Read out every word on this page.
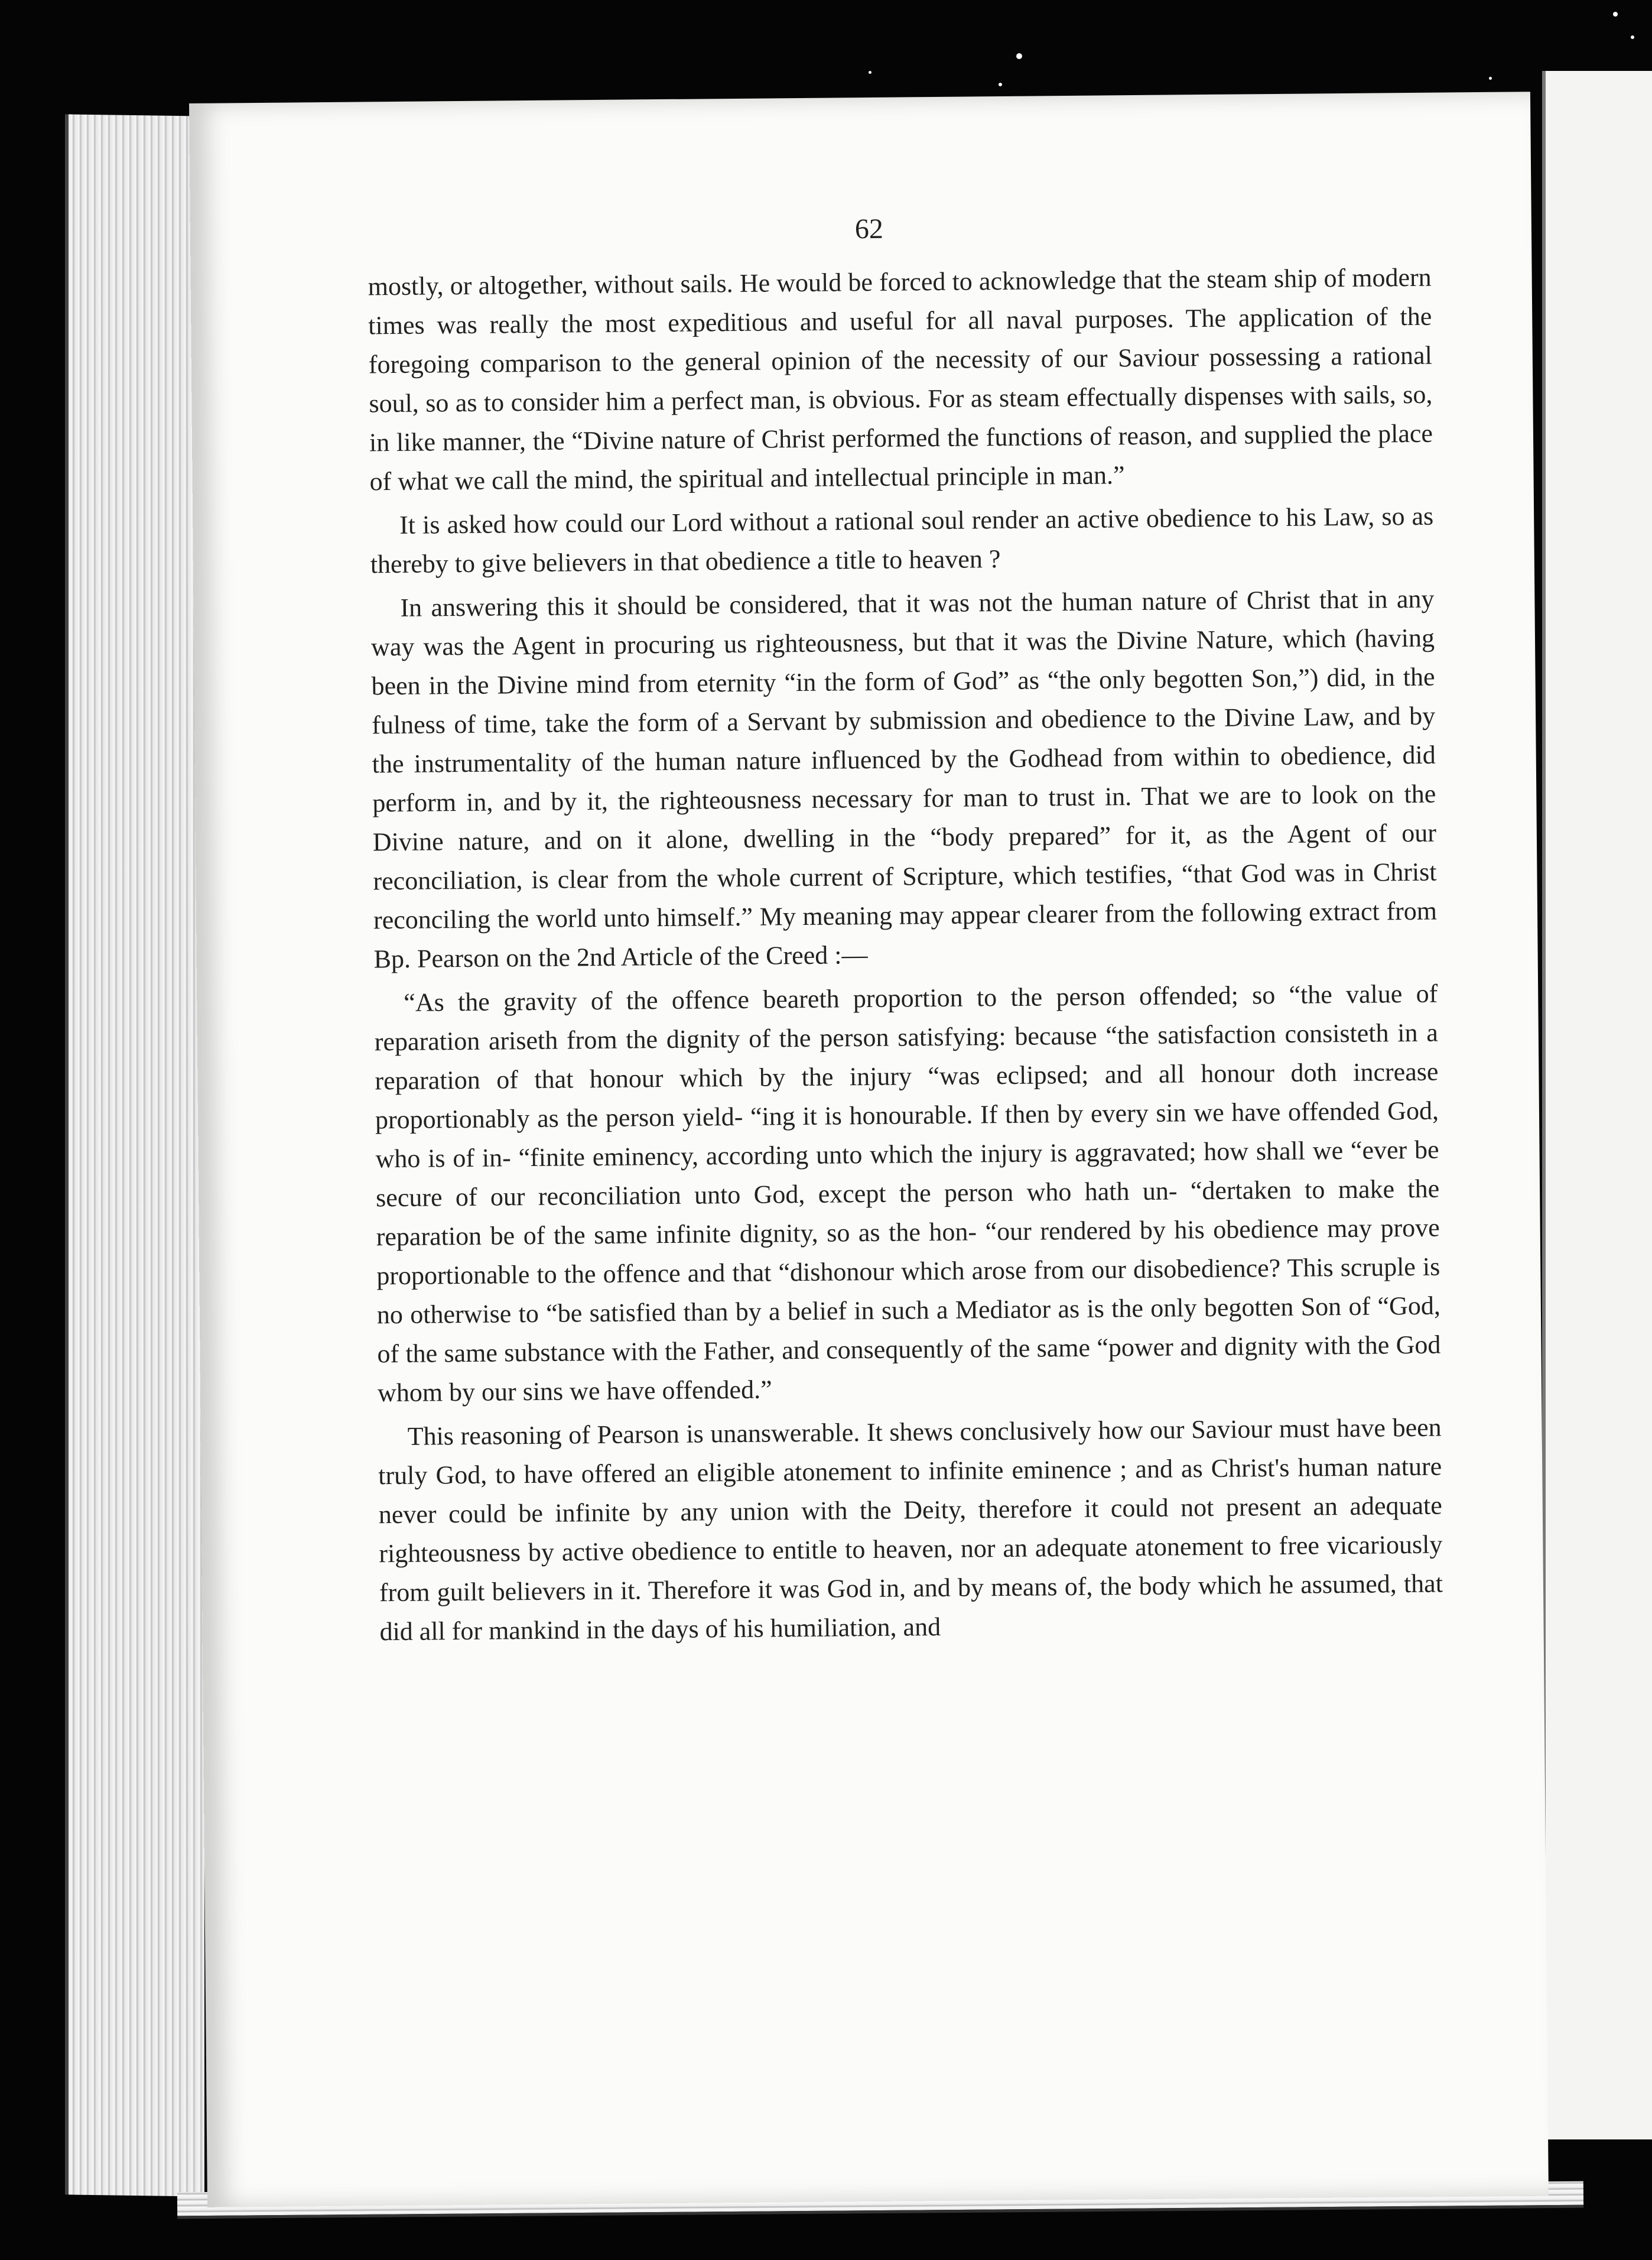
62

mostly, or altogether, without sails. He would be forced to acknowledge that the steam ship of modern times was really the most expeditious and useful for all naval purposes. The application of the foregoing comparison to the general opinion of the necessity of our Saviour possessing a rational soul, so as to consider him a perfect man, is obvious. For as steam effectually dispenses with sails, so, in like manner, the “Divine nature of Christ performed the functions of reason, and supplied the place of what we call the mind, the spiritual and intellectual principle in man.”

It is asked how could our Lord without a rational soul render an active obedience to his Law, so as thereby to give believers in that obedience a title to heaven ?

In answering this it should be considered, that it was not the human nature of Christ that in any way was the Agent in procuring us righteousness, but that it was the Divine Nature, which (having been in the Divine mind from eternity “in the form of God” as “the only begotten Son,”) did, in the fulness of time, take the form of a Servant by submission and obedience to the Divine Law, and by the instrumentality of the human nature influenced by the Godhead from within to obedience, did perform in, and by it, the righteousness necessary for man to trust in. That we are to look on the Divine nature, and on it alone, dwelling in the “body prepared” for it, as the Agent of our reconciliation, is clear from the whole current of Scripture, which testifies, “that God was in Christ reconciling the world unto himself.” My meaning may appear clearer from the following extract from Bp. Pearson on the 2nd Article of the Creed :—

“As the gravity of the offence beareth proportion to the person offended; so “the value of reparation ariseth from the dignity of the person satisfying: because “the satisfaction consisteth in a reparation of that honour which by the injury “was eclipsed; and all honour doth increase proportionably as the person yield- “ing it is honourable. If then by every sin we have offended God, who is of in- “finite eminency, according unto which the injury is aggravated; how shall we “ever be secure of our reconciliation unto God, except the person who hath un- “dertaken to make the reparation be of the same infinite dignity, so as the hon- “our rendered by his obedience may prove proportionable to the offence and that “dishonour which arose from our disobedience? This scruple is no otherwise to “be satisfied than by a belief in such a Mediator as is the only begotten Son of “God, of the same substance with the Father, and consequently of the same “power and dignity with the God whom by our sins we have offended.”

This reasoning of Pearson is unanswerable. It shews conclusively how our Saviour must have been truly God, to have offered an eligible atonement to infinite eminence ; and as Christ's human nature never could be infinite by any union with the Deity, therefore it could not present an adequate righteousness by active obedience to entitle to heaven, nor an adequate atonement to free vicariously from guilt believers in it. Therefore it was God in, and by means of, the body which he assumed, that did all for mankind in the days of his humiliation, and
